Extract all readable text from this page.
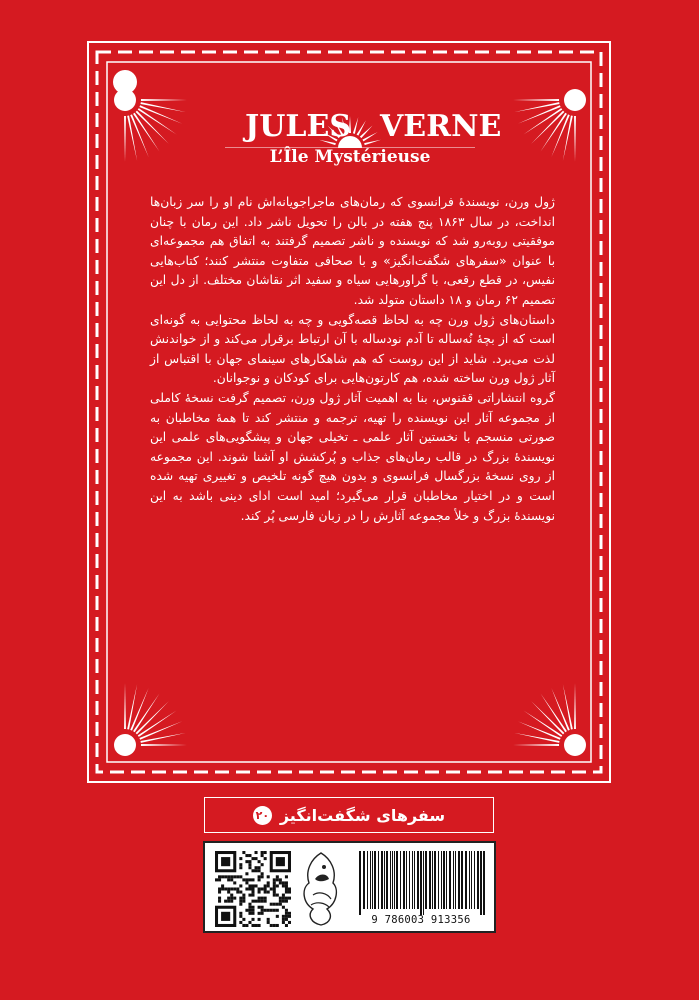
JULES VERNE
L’Île Mystérieuse

ژول ورن، نویسندهٔ فرانسوی که رمان‌های ماجراجویانه‌اش نام او را سر زبان‌ها انداخت، در سال ۱۸۶۳ پنج هفته در بالن را تحویل ناشر داد. این رمان با چنان موفقیتی روبه‌رو شد که نویسنده و ناشر تصمیم گرفتند به اتفاق هم مجموعه‌ای با عنوان «سفرهای شگفت‌انگیز» و با صحافی متفاوت منتشر کنند؛ کتاب‌هایی نفیس، در قطع رقعی، با گراورهایی سیاه و سفید اثر نقاشان مختلف. از دل این تصمیم ۶۲ رمان و ۱۸ داستان متولد شد.

داستان‌های ژول ورن چه به لحاظ قصه‌گویی و چه به لحاظ محتوایی به گونه‌ای است که از بچهٔ نُه‌ساله تا آدم نودساله با آن ارتباط برقرار می‌کند و از خواندنش لذت می‌برد. شاید از این روست که هم شاهکارهای سینمای جهان با اقتباس از آثار ژول ورن ساخته شده، هم کارتون‌هایی برای کودکان و نوجوانان.

گروه انتشاراتی ققنوس، بنا به اهمیت آثار ژول ورن، تصمیم گرفت نسخهٔ کاملی از مجموعه آثار این نویسنده را تهیه، ترجمه و منتشر کند تا همهٔ مخاطبان به صورتی منسجم با نخستین آثار علمی ـ تخیلی جهان و پیشگویی‌های علمی این نویسندهٔ بزرگ در قالب رمان‌های جذاب و پُرکشش او آشنا شوند. این مجموعه از روی نسخهٔ بزرگسال فرانسوی و بدون هیچ گونه تلخیص و تغییری تهیه شده است و در اختیار مخاطبان قرار می‌گیرد؛ امید است ادای دینی باشد به این نویسندهٔ بزرگ و خلأ مجموعه آثارش را در زبان فارسی پُر کند.

سفرهای شگفت‌انگیز
۲۰
9 786003 913356
